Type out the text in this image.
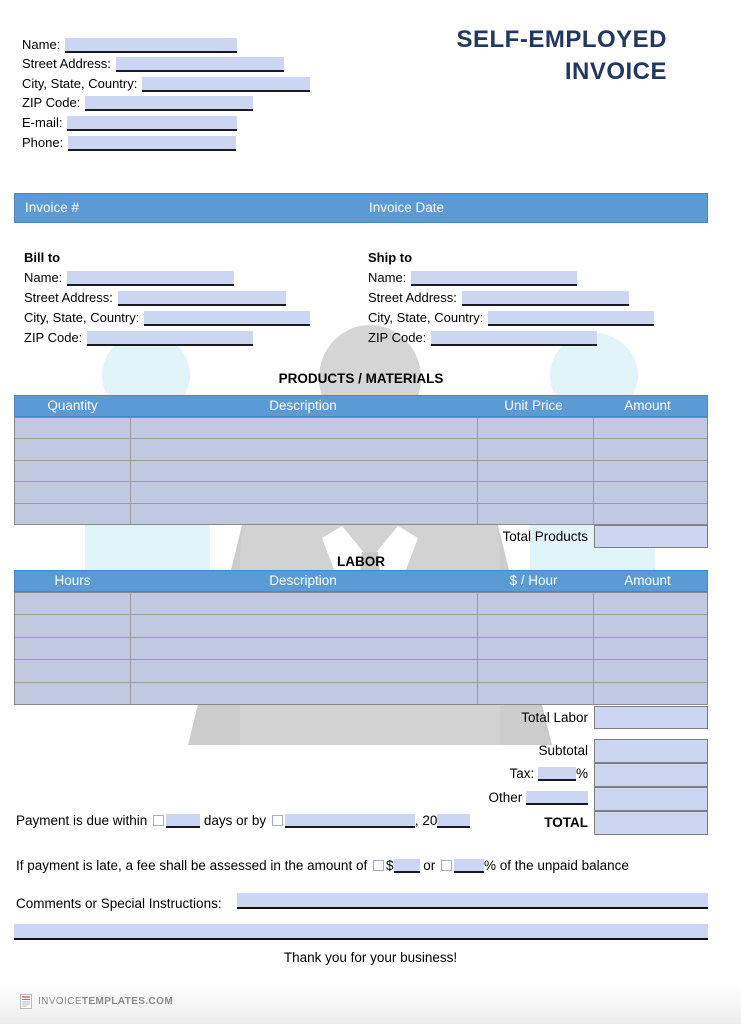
Name:
Street Address:
City, State, Country:
ZIP Code:
E-mail:
Phone:
SELF-EMPLOYED
INVOICE
Invoice #	Invoice Date
Bill to
Name:
Street Address:
City, State, Country:
ZIP Code:
Ship to
Name:
Street Address:
City, State, Country:
ZIP Code:
PRODUCTS / MATERIALS
Quantity	Description	Unit Price	Amount
Total Products
LABOR
Hours	Description	$ / Hour	Amount
Total Labor
Subtotal
Tax:	%
Other
TOTAL
Payment is due within	days or by	, 20
If payment is late, a fee shall be assessed in the amount of $ or	% of the unpaid balance
Comments or Special Instructions:
Thank you for your business!
INVOICETEMPLATES.COM
